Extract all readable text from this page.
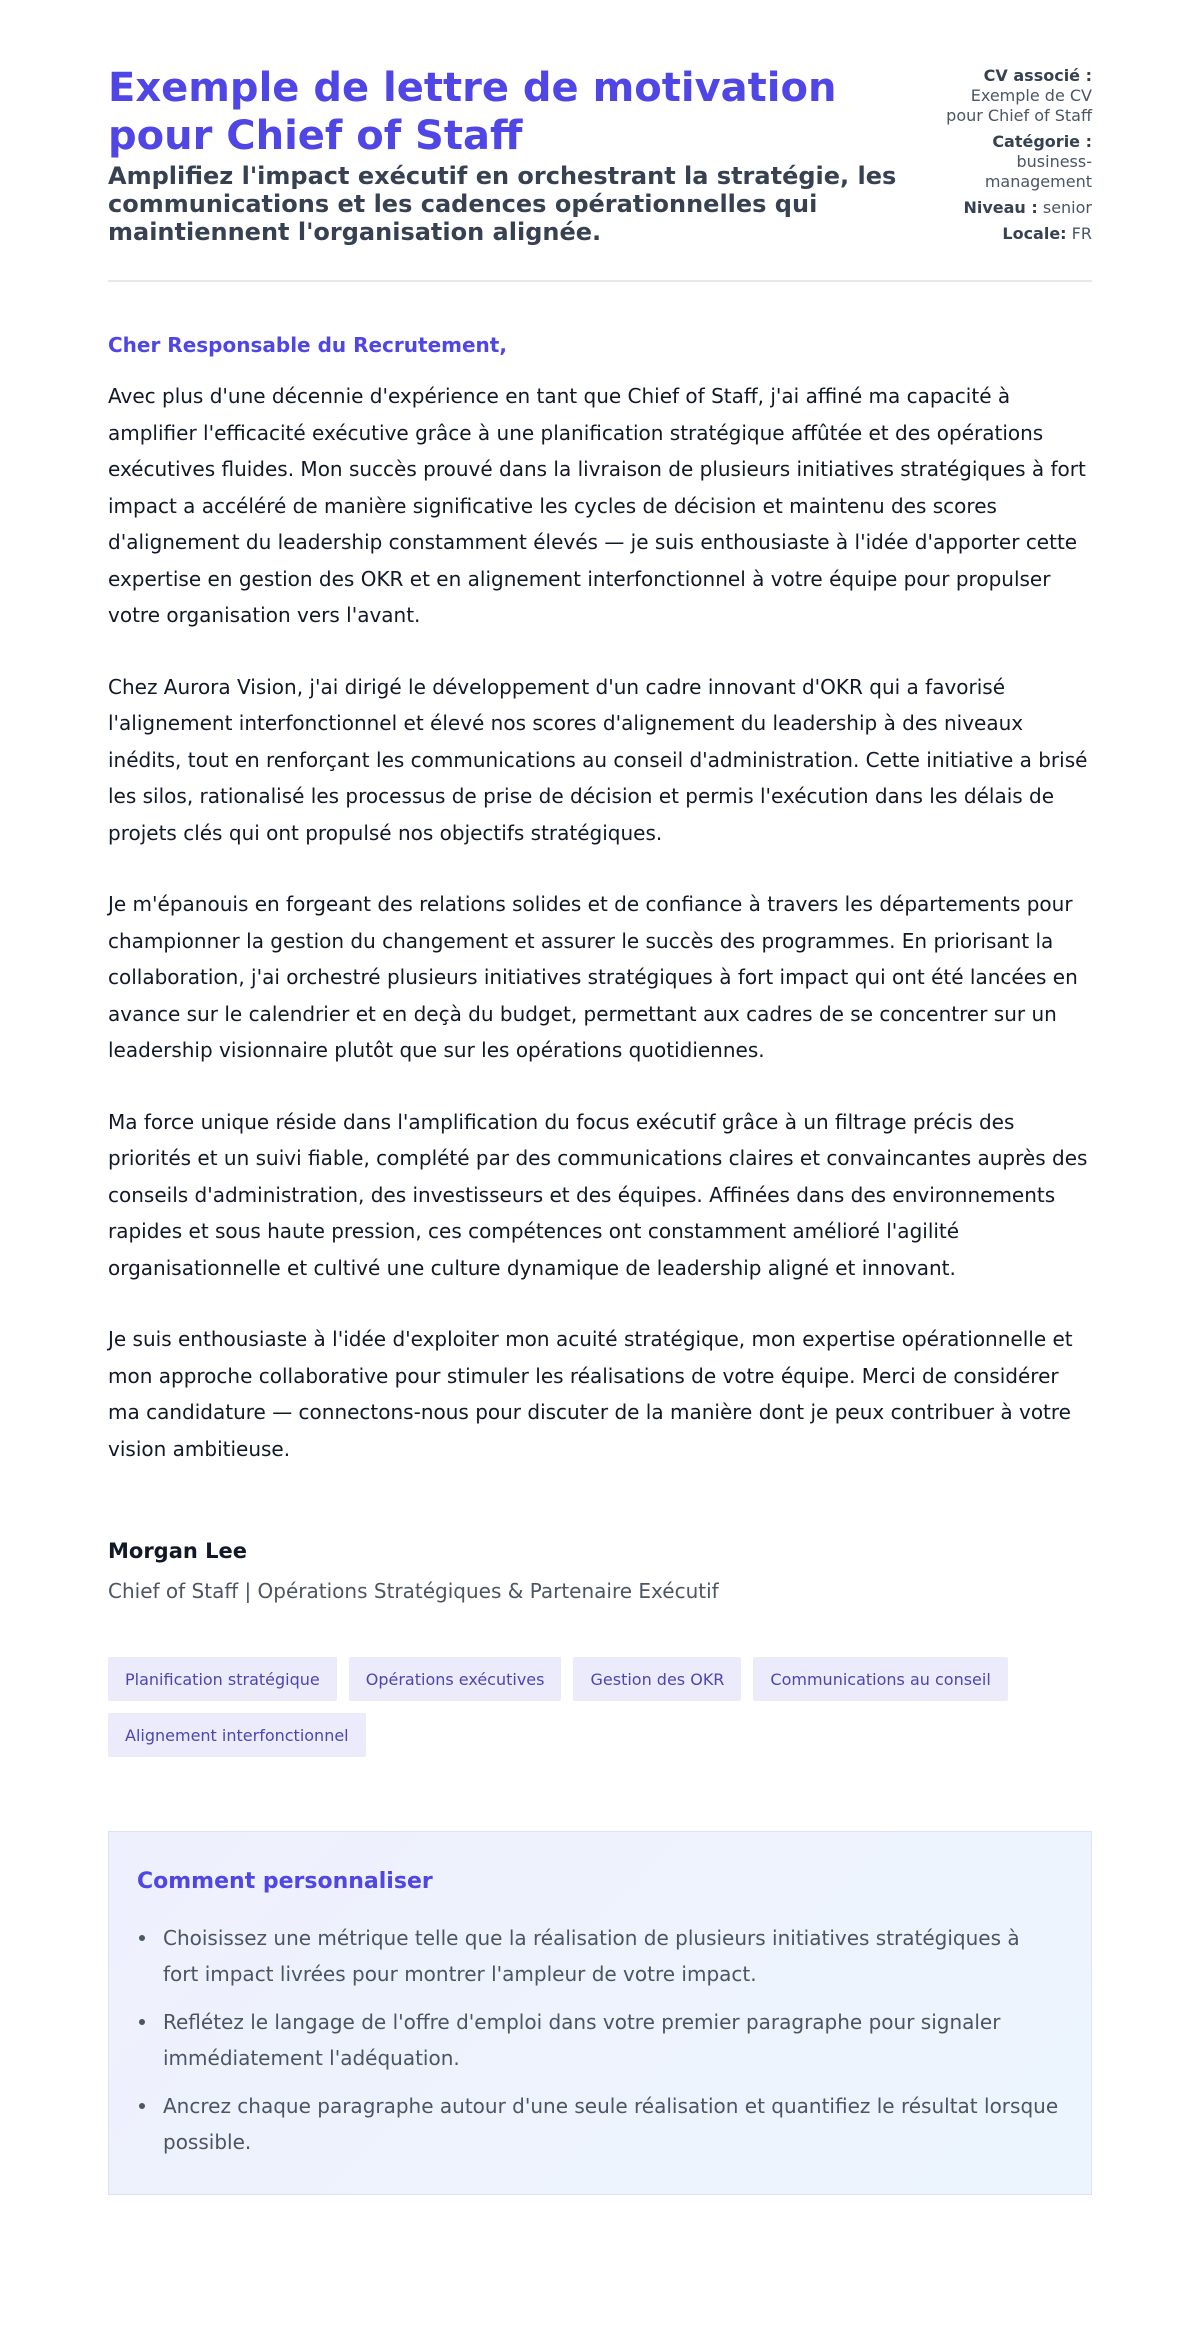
Exemple de lettre de motivation pour Chief of Staff
Amplifiez l'impact exécutif en orchestrant la stratégie, les communications et les cadences opérationnelles qui maintiennent l'organisation alignée.
CV associé : Exemple de CV pour Chief of Staff
Catégorie : business-management
Niveau : senior
Locale: FR
Cher Responsable du Recrutement,

Avec plus d'une décennie d'expérience en tant que Chief of Staff, j'ai affiné ma capacité à amplifier l'efficacité exécutive grâce à une planification stratégique affûtée et des opérations exécutives fluides. Mon succès prouvé dans la livraison de plusieurs initiatives stratégiques à fort impact a accéléré de manière significative les cycles de décision et maintenu des scores d'alignement du leadership constamment élevés — je suis enthousiaste à l'idée d'apporter cette expertise en gestion des OKR et en alignement interfonctionnel à votre équipe pour propulser votre organisation vers l'avant.

Chez Aurora Vision, j'ai dirigé le développement d'un cadre innovant d'OKR qui a favorisé l'alignement interfonctionnel et élevé nos scores d'alignement du leadership à des niveaux inédits, tout en renforçant les communications au conseil d'administration. Cette initiative a brisé les silos, rationalisé les processus de prise de décision et permis l'exécution dans les délais de projets clés qui ont propulsé nos objectifs stratégiques.

Je m'épanouis en forgeant des relations solides et de confiance à travers les départements pour championner la gestion du changement et assurer le succès des programmes. En priorisant la collaboration, j'ai orchestré plusieurs initiatives stratégiques à fort impact qui ont été lancées en avance sur le calendrier et en deçà du budget, permettant aux cadres de se concentrer sur un leadership visionnaire plutôt que sur les opérations quotidiennes.

Ma force unique réside dans l'amplification du focus exécutif grâce à un filtrage précis des priorités et un suivi fiable, complété par des communications claires et convaincantes auprès des conseils d'administration, des investisseurs et des équipes. Affinées dans des environnements rapides et sous haute pression, ces compétences ont constamment amélioré l'agilité organisationnelle et cultivé une culture dynamique de leadership aligné et innovant.

Je suis enthousiaste à l'idée d'exploiter mon acuité stratégique, mon expertise opérationnelle et mon approche collaborative pour stimuler les réalisations de votre équipe. Merci de considérer ma candidature — connectons-nous pour discuter de la manière dont je peux contribuer à votre vision ambitieuse.

Morgan Lee
Chief of Staff | Opérations Stratégiques & Partenaire Exécutif
Planification stratégique	Opérations exécutives	Gestion des OKR	Communications au conseil
Alignement interfonctionnel
Comment personnaliser
Choisissez une métrique telle que la réalisation de plusieurs initiatives stratégiques à fort impact livrées pour montrer l'ampleur de votre impact.
Reflétez le langage de l'offre d'emploi dans votre premier paragraphe pour signaler immédiatement l'adéquation.
Ancrez chaque paragraphe autour d'une seule réalisation et quantifiez le résultat lorsque possible.
